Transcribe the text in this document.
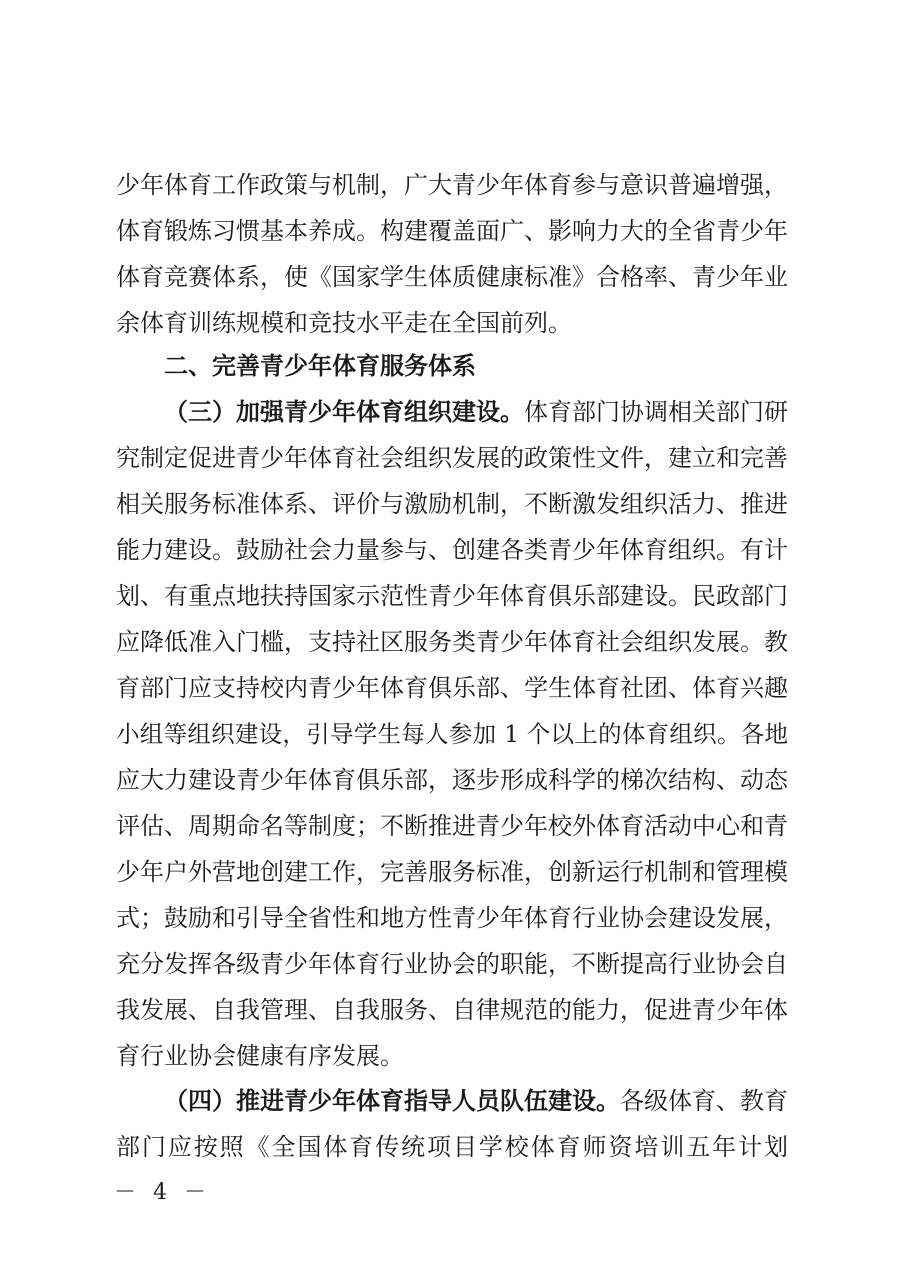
少年体育工作政策与机制，广大青少年体育参与意识普遍增强，
体育锻炼习惯基本养成。构建覆盖面广、影响力大的全省青少年
体育竞赛体系，使《国家学生体质健康标准》合格率、青少年业
余体育训练规模和竞技水平走在全国前列。
二、完善青少年体育服务体系
（三）加强青少年体育组织建设。体育部门协调相关部门研
究制定促进青少年体育社会组织发展的政策性文件，建立和完善
相关服务标准体系、评价与激励机制，不断激发组织活力、推进
能力建设。鼓励社会力量参与、创建各类青少年体育组织。有计
划、有重点地扶持国家示范性青少年体育俱乐部建设。民政部门
应降低准入门槛，支持社区服务类青少年体育社会组织发展。教
育部门应支持校内青少年体育俱乐部、学生体育社团、体育兴趣
小组等组织建设，引导学生每人参加 1 个以上的体育组织。各地
应大力建设青少年体育俱乐部，逐步形成科学的梯次结构、动态
评估、周期命名等制度；不断推进青少年校外体育活动中心和青
少年户外营地创建工作，完善服务标准，创新运行机制和管理模
式；鼓励和引导全省性和地方性青少年体育行业协会建设发展，
充分发挥各级青少年体育行业协会的职能，不断提高行业协会自
我发展、自我管理、自我服务、自律规范的能力，促进青少年体
育行业协会健康有序发展。
（四）推进青少年体育指导人员队伍建设。各级体育、教育
部门应按照《全国体育传统项目学校体育师资培训五年计划
－ 4 －
